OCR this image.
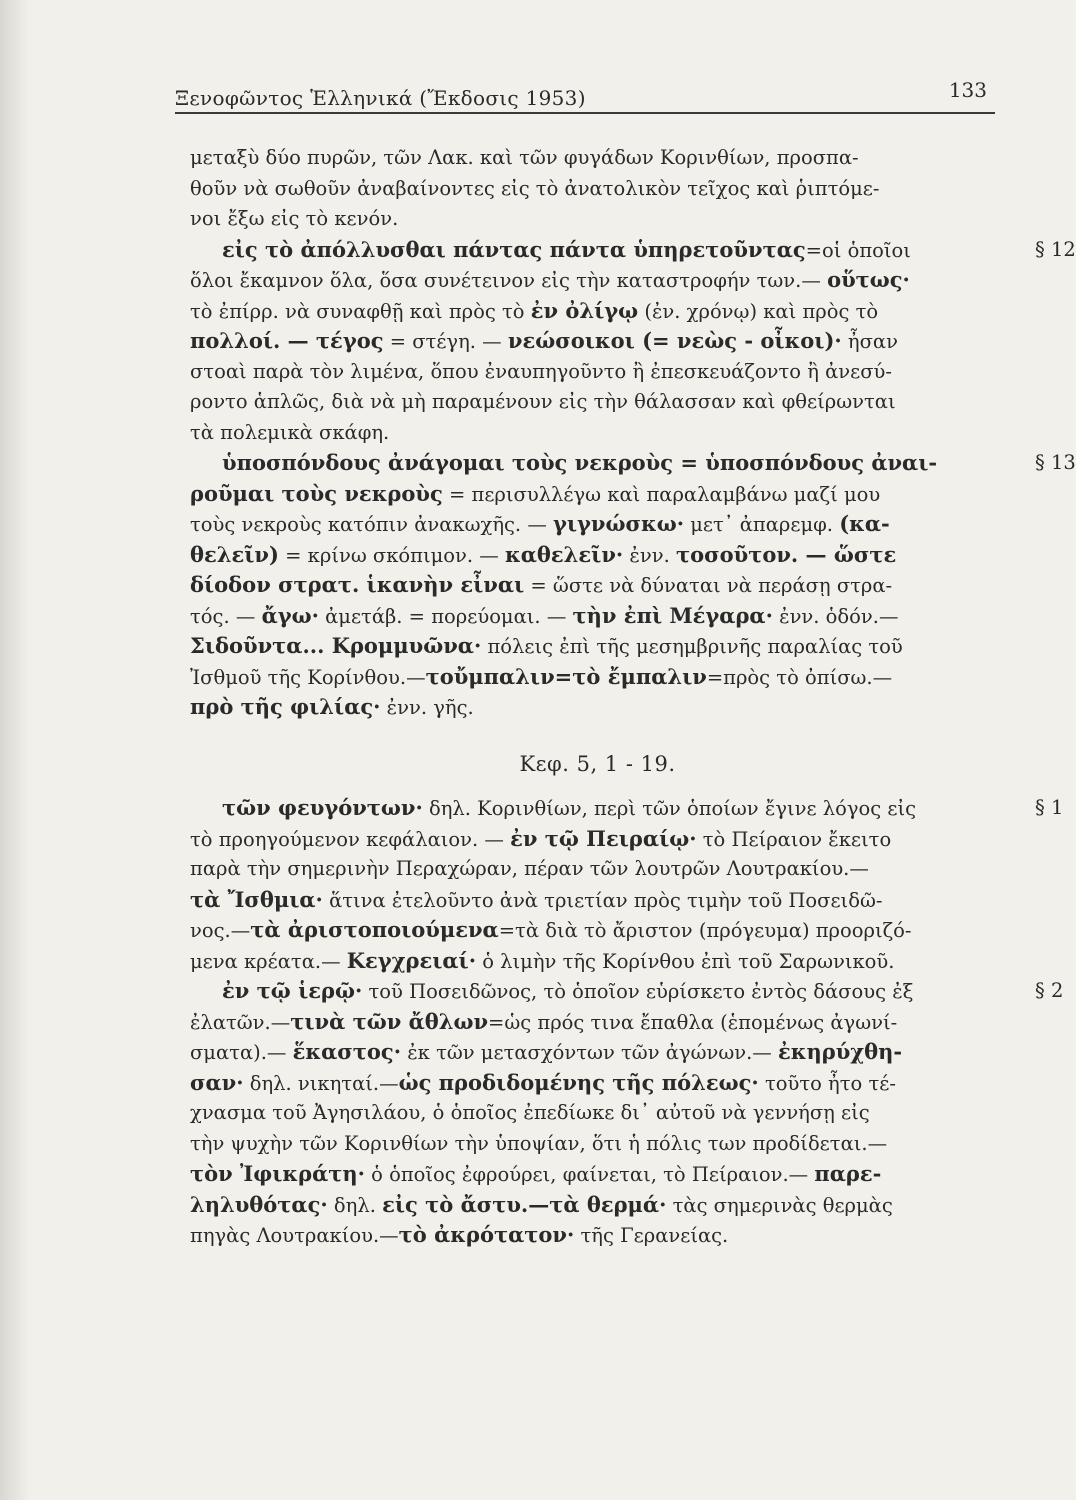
Ξενοφῶντος Ἑλληνικά (Ἔκδοσις 1953)	133
μεταξὺ δύο πυρῶν, τῶν Λακ. καὶ τῶν φυγάδων Κορινθίων, προσπα-
θοῦν νὰ σωθοῦν ἀναβαίνοντες εἰς τὸ ἀνατολικὸν τεῖχος καὶ ῥιπτόμε-
νοι ἔξω εἰς τὸ κενόν.
εἰς τὸ ἀπόλλυσθαι πάντας πάντα ὑπηρετοῦντας=οἱ ὁποῖοι	§ 12
ὅλοι ἔκαμνον ὅλα, ὅσα συνέτεινον εἰς τὴν καταστροφήν των.— οὕτως·
τὸ ἐπίρρ. νὰ συναφθῇ καὶ πρὸς τὸ ἐν ὀλίγῳ (ἐν. χρόνῳ) καὶ πρὸς τὸ
πολλοί. — τέγος = στέγη. — νεώσοικοι (= νεὼς - οἶκοι)· ἦσαν
στοαὶ παρὰ τὸν λιμένα, ὅπου ἐναυπηγοῦντο ἢ ἐπεσκευάζοντο ἢ ἀνεσύ-
ροντο ἁπλῶς, διὰ νὰ μὴ παραμένουν εἰς τὴν θάλασσαν καὶ φθείρωνται
τὰ πολεμικὰ σκάφη.
ὑποσπόνδους ἀνάγομαι τοὺς νεκροὺς = ὑποσπόνδους ἀναι-	§ 13
ροῦμαι τοὺς νεκροὺς = περισυλλέγω καὶ παραλαμβάνω μαζί μου
τοὺς νεκροὺς κατόπιν ἀνακωχῆς. — γιγνώσκω· μετ᾽ ἀπαρεμφ. (κα-
θελεῖν) = κρίνω σκόπιμον. — καθελεῖν· ἐνν. τοσοῦτον. — ὥστε
δίοδον στρατ. ἱκανὴν εἶναι = ὥστε νὰ δύναται νὰ περάσῃ στρα-
τός. — ἄγω· ἀμετάβ. = πορεύομαι. — τὴν ἐπὶ Μέγαρα· ἐνν. ὁδόν.—
Σιδοῦντα... Κρομμυῶνα· πόλεις ἐπὶ τῆς μεσημβρινῆς παραλίας τοῦ
Ἰσθμοῦ τῆς Κορίνθου.—τοὔμπαλιν=τὸ ἔμπαλιν=πρὸς τὸ ὀπίσω.—
πρὸ τῆς φιλίας· ἐνν. γῆς.
Κεφ. 5, 1 - 19.
τῶν φευγόντων· δηλ. Κορινθίων, περὶ τῶν ὁποίων ἔγινε λόγος εἰς	§ 1
τὸ προηγούμενον κεφάλαιον. — ἐν τῷ Πειραίῳ· τὸ Πείραιον ἔκειτο
παρὰ τὴν σημερινὴν Περαχώραν, πέραν τῶν λουτρῶν Λουτρακίου.—
τὰ Ἴσθμια· ἅτινα ἐτελοῦντο ἀνὰ τριετίαν πρὸς τιμὴν τοῦ Ποσειδῶ-
νος.—τὰ ἀριστοποιούμενα=τὰ διὰ τὸ ἄριστον (πρόγευμα) προοριζό-
μενα κρέατα.— Κεγχρειαί· ὁ λιμὴν τῆς Κορίνθου ἐπὶ τοῦ Σαρωνικοῦ.
ἐν τῷ ἱερῷ· τοῦ Ποσειδῶνος, τὸ ὁποῖον εὑρίσκετο ἐντὸς δάσους ἐξ	§ 2
ἐλατῶν.—τινὰ τῶν ἄθλων=ὡς πρός τινα ἔπαθλα (ἑπομένως ἀγωνί-
σματα).— ἕκαστος· ἐκ τῶν μετασχόντων τῶν ἀγώνων.— ἐκηρύχθη-
σαν· δηλ. νικηταί.—ὡς προδιδομένης τῆς πόλεως· τοῦτο ἦτο τέ-
χνασμα τοῦ Ἀγησιλάου, ὁ ὁποῖος ἐπεδίωκε δι᾽ αὐτοῦ νὰ γεννήσῃ εἰς
τὴν ψυχὴν τῶν Κορινθίων τὴν ὑποψίαν, ὅτι ἡ πόλις των προδίδεται.—
τὸν Ἰφικράτη· ὁ ὁποῖος ἐφρούρει, φαίνεται, τὸ Πείραιον.— παρε-
ληλυθότας· δηλ. εἰς τὸ ἄστυ.—τὰ θερμά· τὰς σημερινὰς θερμὰς
πηγὰς Λουτρακίου.—τὸ ἀκρότατον· τῆς Γερανείας.
